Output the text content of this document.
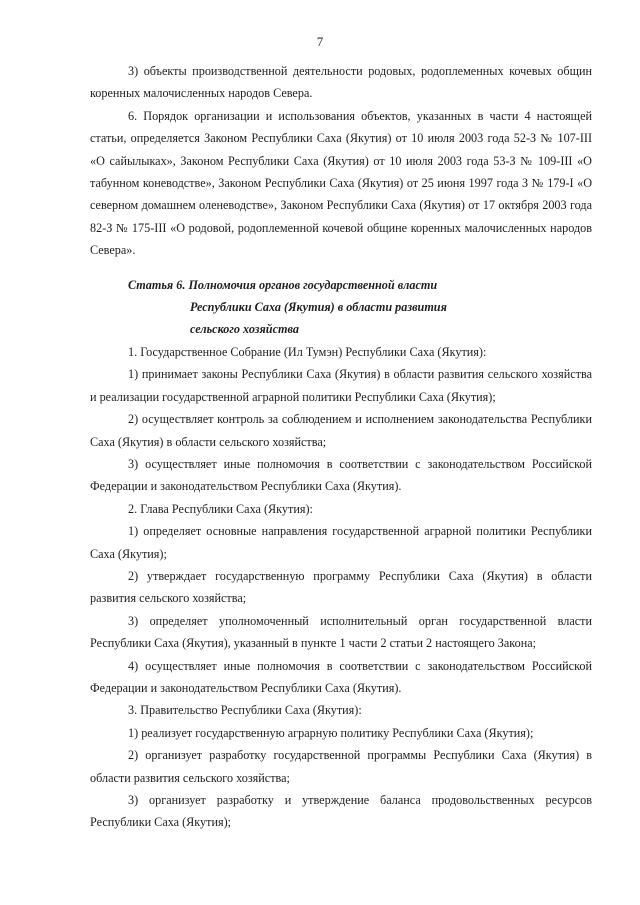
7

3) объекты производственной деятельности родовых, родоплеменных кочевых общин коренных малочисленных народов Севера.

6. Порядок организации и использования объектов, указанных в части 4 настоящей статьи, определяется Законом Республики Саха (Якутия) от 10 июля 2003 года 52-З № 107-III «О сайылыках», Законом Республики Саха (Якутия) от 10 июля 2003 года 53-З № 109-III «О табунном коневодстве», Законом Республики Саха (Якутия) от 25 июня 1997 года З № 179-I «О северном домашнем оленеводстве», Законом Республики Саха (Якутия) от 17 октября 2003 года 82-З № 175-III «О родовой, родоплеменной кочевой общине коренных малочисленных народов Севера».

Статья 6. Полномочия органов государственной власти
Республики Саха (Якутия) в области развития
сельского хозяйства

1. Государственное Собрание (Ил Тумэн) Республики Саха (Якутия):

1) принимает законы Республики Саха (Якутия) в области развития сельского хозяйства и реализации государственной аграрной политики Республики Саха (Якутия);

2) осуществляет контроль за соблюдением и исполнением законодательства Республики Саха (Якутия) в области сельского хозяйства;

3) осуществляет иные полномочия в соответствии с законодательством Российской Федерации и законодательством Республики Саха (Якутия).

2. Глава Республики Саха (Якутия):

1) определяет основные направления государственной аграрной политики Республики Саха (Якутия);

2) утверждает государственную программу Республики Саха (Якутия) в области развития сельского хозяйства;

3) определяет уполномоченный исполнительный орган государственной власти Республики Саха (Якутия), указанный в пункте 1 части 2 статьи 2 настоящего Закона;

4) осуществляет иные полномочия в соответствии с законодательством Российской Федерации и законодательством Республики Саха (Якутия).

3. Правительство Республики Саха (Якутия):

1) реализует государственную аграрную политику Республики Саха (Якутия);

2) организует разработку государственной программы Республики Саха (Якутия) в области развития сельского хозяйства;

3) организует разработку и утверждение баланса продовольственных ресурсов Республики Саха (Якутия);
